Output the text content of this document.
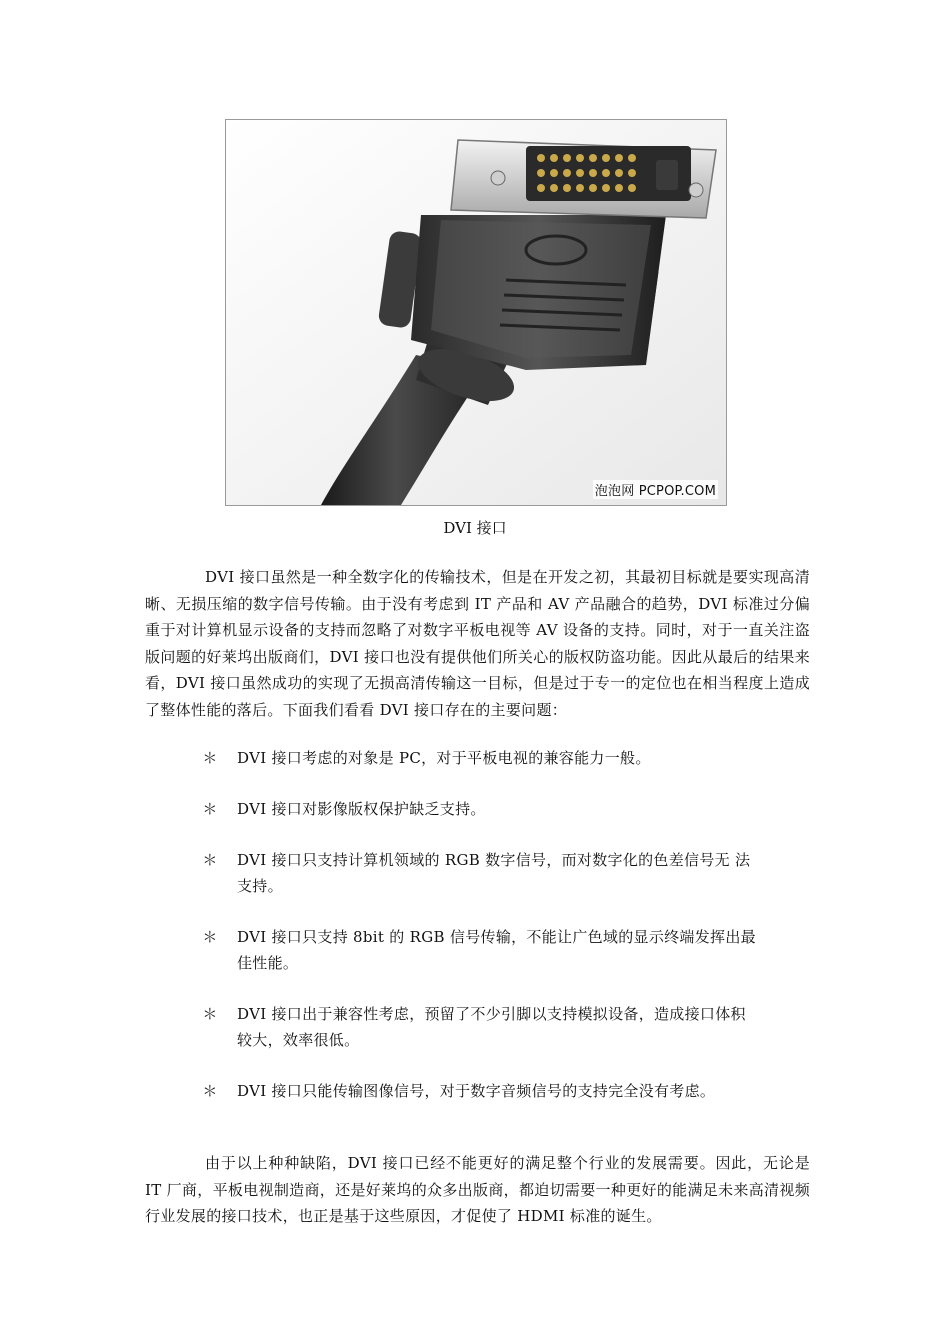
泡泡网 PCPOP.COM
DVI 接口

DVI 接口虽然是一种全数字化的传输技术，但是在开发之初，其最初目标就是要实现高清晰、无损压缩的数字信号传输。由于没有考虑到 IT 产品和 AV 产品融合的趋势，DVI 标准过分偏重于对计算机显示设备的支持而忽略了对数字平板电视等 AV 设备的支持。同时，对于一直关注盗版问题的好莱坞出版商们，DVI 接口也没有提供他们所关心的版权防盗功能。因此从最后的结果来看，DVI 接口虽然成功的实现了无损高清传输这一目标，但是过于专一的定位也在相当程度上造成了整体性能的落后。下面我们看看 DVI 接口存在的主要问题：

＊ DVI 接口考虑的对象是 PC，对于平板电视的兼容能力一般。
＊ DVI 接口对影像版权保护缺乏支持。
＊ DVI 接口只支持计算机领域的 RGB 数字信号，而对数字化的色差信号无 法支持。
＊ DVI 接口只支持 8bit 的 RGB 信号传输，不能让广色域的显示终端发挥出最佳性能。
＊ DVI 接口出于兼容性考虑，预留了不少引脚以支持模拟设备，造成接口体积较大，效率很低。
＊ DVI 接口只能传输图像信号，对于数字音频信号的支持完全没有考虑。

由于以上种种缺陷，DVI 接口已经不能更好的满足整个行业的发展需要。因此，无论是 IT 厂商，平板电视制造商，还是好莱坞的众多出版商，都迫切需要一种更好的能满足未来高清视频行业发展的接口技术，也正是基于这些原因，才促使了 HDMI 标准的诞生。
